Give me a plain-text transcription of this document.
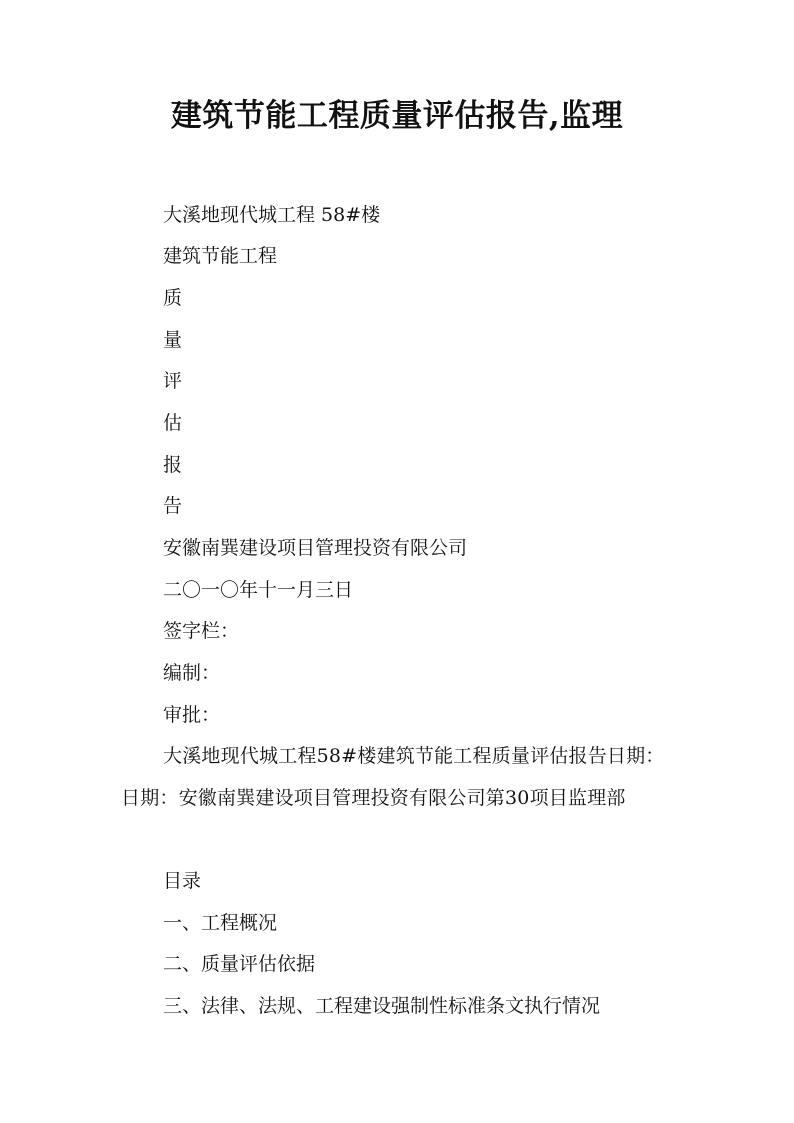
建筑节能工程质量评估报告,监理
大溪地现代城工程 58#楼
建筑节能工程
质
量
评
估
报
告
安徽南巽建设项目管理投资有限公司
二〇一〇年十一月三日
签字栏：
编制：
审批：
大溪地现代城工程58#楼建筑节能工程质量评估报告日期：日期：安徽南巽建设项目管理投资有限公司第30项目监理部
目录
一、工程概况
二、质量评估依据
三、法律、法规、工程建设强制性标准条文执行情况
